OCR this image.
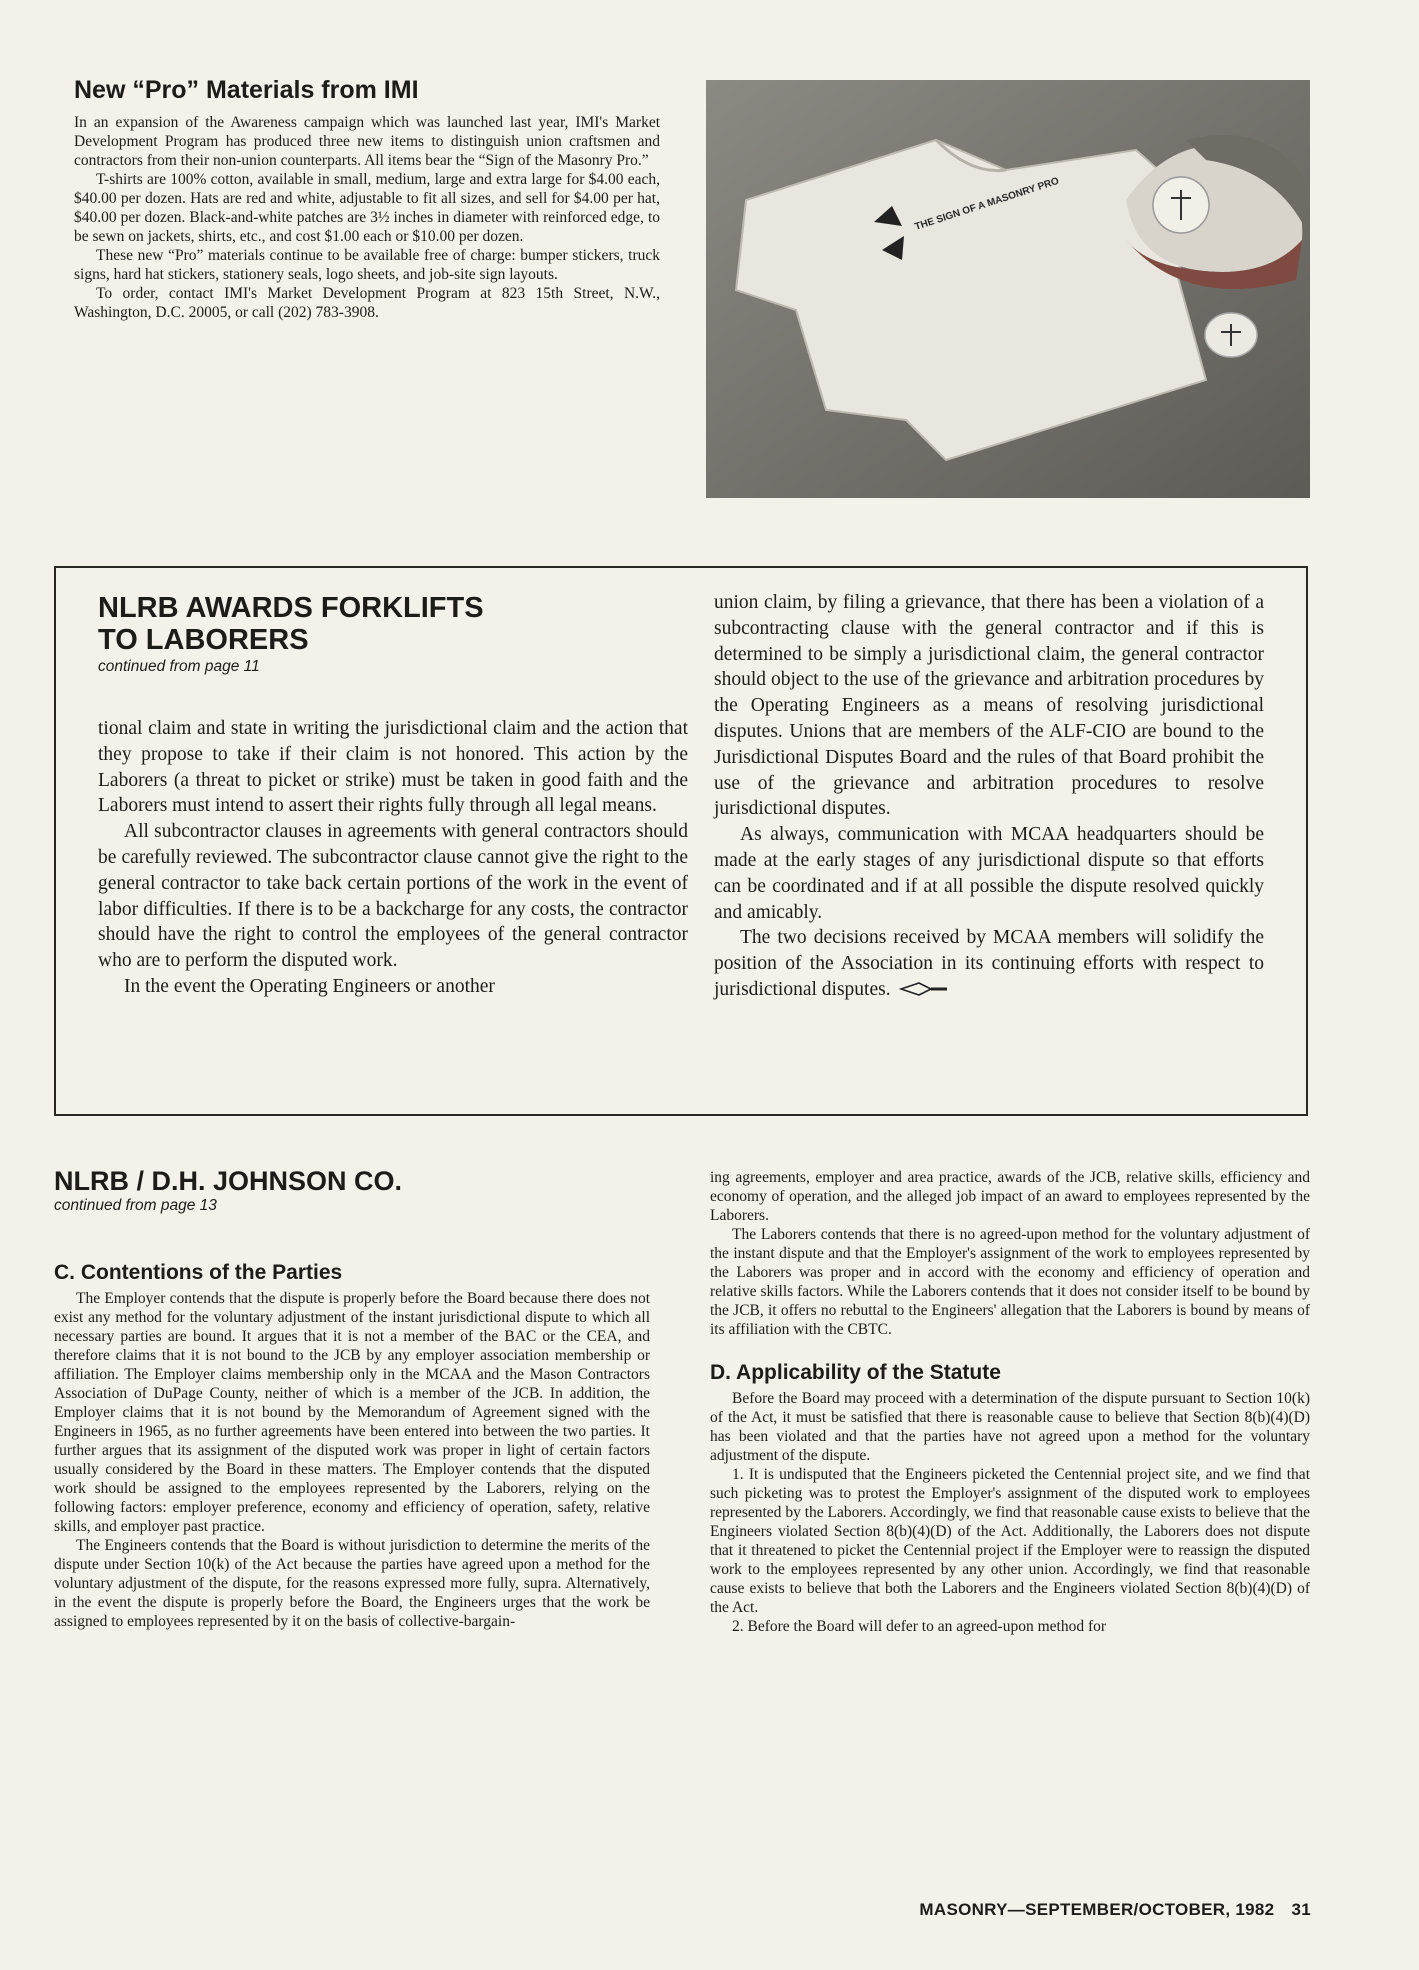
New “Pro” Materials from IMI

In an expansion of the Awareness campaign which was launched last year, IMI's Market Development Program has produced three new items to distinguish union craftsmen and contractors from their non-union counterparts. All items bear the “Sign of the Masonry Pro.”

T-shirts are 100% cotton, available in small, medium, large and extra large for $4.00 each, $40.00 per dozen. Hats are red and white, adjustable to fit all sizes, and sell for $4.00 per hat, $40.00 per dozen. Black-and-white patches are 3½ inches in diameter with reinforced edge, to be sewn on jackets, shirts, etc., and cost $1.00 each or $10.00 per dozen.

These new “Pro” materials continue to be available free of charge: bumper stickers, truck signs, hard hat stickers, stationery seals, logo sheets, and job-site sign layouts.

To order, contact IMI's Market Development Program at 823 15th Street, N.W., Washington, D.C. 20005, or call (202) 783-3908.

THE SIGN OF A MASONRY PRO
NLRB AWARDS FORKLIFTS
TO LABORERS
continued from page 11

tional claim and state in writing the jurisdictional claim and the action that they propose to take if their claim is not honored. This action by the Laborers (a threat to picket or strike) must be taken in good faith and the Laborers must intend to assert their rights fully through all legal means.

All subcontractor clauses in agreements with general contractors should be carefully reviewed. The subcontractor clause cannot give the right to the general contractor to take back certain portions of the work in the event of labor difficulties. If there is to be a backcharge for any costs, the contractor should have the right to control the employees of the general contractor who are to perform the disputed work.

In the event the Operating Engineers or another

union claim, by filing a grievance, that there has been a violation of a subcontracting clause with the general contractor and if this is determined to be simply a jurisdictional claim, the general contractor should object to the use of the grievance and arbitration procedures by the Operating Engineers as a means of resolving jurisdictional disputes. Unions that are members of the ALF-CIO are bound to the Jurisdictional Disputes Board and the rules of that Board prohibit the use of the grievance and arbitration procedures to resolve jurisdictional disputes.

As always, communication with MCAA headquarters should be made at the early stages of any jurisdictional dispute so that efforts can be coordinated and if at all possible the dispute resolved quickly and amicably.

The two decisions received by MCAA members will solidify the position of the Association in its continuing efforts with respect to jurisdictional disputes.

NLRB / D.H. JOHNSON CO.
continued from page 13
C. Contentions of the Parties

The Employer contends that the dispute is properly before the Board because there does not exist any method for the voluntary adjustment of the instant jurisdictional dispute to which all necessary parties are bound. It argues that it is not a member of the BAC or the CEA, and therefore claims that it is not bound to the JCB by any employer association membership or affiliation. The Employer claims membership only in the MCAA and the Mason Contractors Association of DuPage County, neither of which is a member of the JCB. In addition, the Employer claims that it is not bound by the Memorandum of Agreement signed with the Engineers in 1965, as no further agreements have been entered into between the two parties. It further argues that its assignment of the disputed work was proper in light of certain factors usually considered by the Board in these matters. The Employer contends that the disputed work should be assigned to the employees represented by the Laborers, relying on the following factors: employer preference, economy and efficiency of operation, safety, relative skills, and employer past practice.

The Engineers contends that the Board is without jurisdiction to determine the merits of the dispute under Section 10(k) of the Act because the parties have agreed upon a method for the voluntary adjustment of the dispute, for the reasons expressed more fully, supra. Alternatively, in the event the dispute is properly before the Board, the Engineers urges that the work be assigned to employees represented by it on the basis of collective-bargain-

ing agreements, employer and area practice, awards of the JCB, relative skills, efficiency and economy of operation, and the alleged job impact of an award to employees represented by the Laborers.

The Laborers contends that there is no agreed-upon method for the voluntary adjustment of the instant dispute and that the Employer's assignment of the work to employees represented by the Laborers was proper and in accord with the economy and efficiency of operation and relative skills factors. While the Laborers contends that it does not consider itself to be bound by the JCB, it offers no rebuttal to the Engineers' allegation that the Laborers is bound by means of its affiliation with the CBTC.

D. Applicability of the Statute

Before the Board may proceed with a determination of the dispute pursuant to Section 10(k) of the Act, it must be satisfied that there is reasonable cause to believe that Section 8(b)(4)(D) has been violated and that the parties have not agreed upon a method for the voluntary adjustment of the dispute.

1. It is undisputed that the Engineers picketed the Centennial project site, and we find that such picketing was to protest the Employer's assignment of the disputed work to employees represented by the Laborers. Accordingly, we find that reasonable cause exists to believe that the Engineers violated Section 8(b)(4)(D) of the Act. Additionally, the Laborers does not dispute that it threatened to picket the Centennial project if the Employer were to reassign the disputed work to the employees represented by any other union. Accordingly, we find that reasonable cause exists to believe that both the Laborers and the Engineers violated Section 8(b)(4)(D) of the Act.

2. Before the Board will defer to an agreed-upon method for

MASONRY—SEPTEMBER/OCTOBER, 1982 31
